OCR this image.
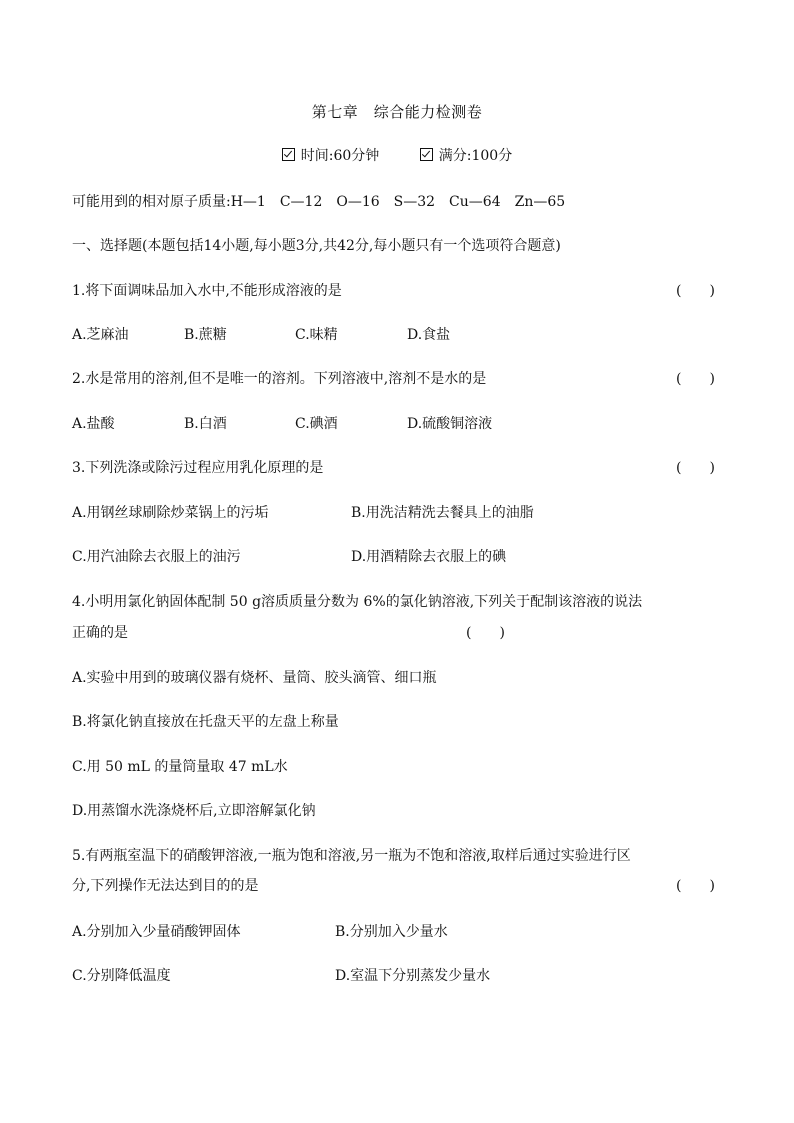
第七章　综合能力检测卷
时间:60分钟	满分:100分
可能用到的相对原子质量:H—1　C—12　O—16　S—32　Cu—64　Zn—65
一、选择题(本题包括14小题,每小题3分,共42分,每小题只有一个选项符合题意)
1.将下面调味品加入水中,不能形成溶液的是	(　　)
A.芝麻油	B.蔗糖	C.味精	D.食盐
2.水是常用的溶剂,但不是唯一的溶剂。下列溶液中,溶剂不是水的是	(　　)
A.盐酸	B.白酒	C.碘酒	D.硫酸铜溶液
3.下列洗涤或除污过程应用乳化原理的是	(　　)
A.用钢丝球刷除炒菜锅上的污垢	B.用洗洁精洗去餐具上的油脂
C.用汽油除去衣服上的油污	D.用酒精除去衣服上的碘
4.小明用氯化钠固体配制 50 g溶质质量分数为 6%的氯化钠溶液,下列关于配制该溶液的说法
正确的是	(　　)
A.实验中用到的玻璃仪器有烧杯、量筒、胶头滴管、细口瓶
B.将氯化钠直接放在托盘天平的左盘上称量
C.用 50 mL 的量筒量取 47 mL水
D.用蒸馏水洗涤烧杯后,立即溶解氯化钠
5.有两瓶室温下的硝酸钾溶液,一瓶为饱和溶液,另一瓶为不饱和溶液,取样后通过实验进行区
分,下列操作无法达到目的的是	(　　)
A.分别加入少量硝酸钾固体	B.分别加入少量水
C.分别降低温度	D.室温下分别蒸发少量水
